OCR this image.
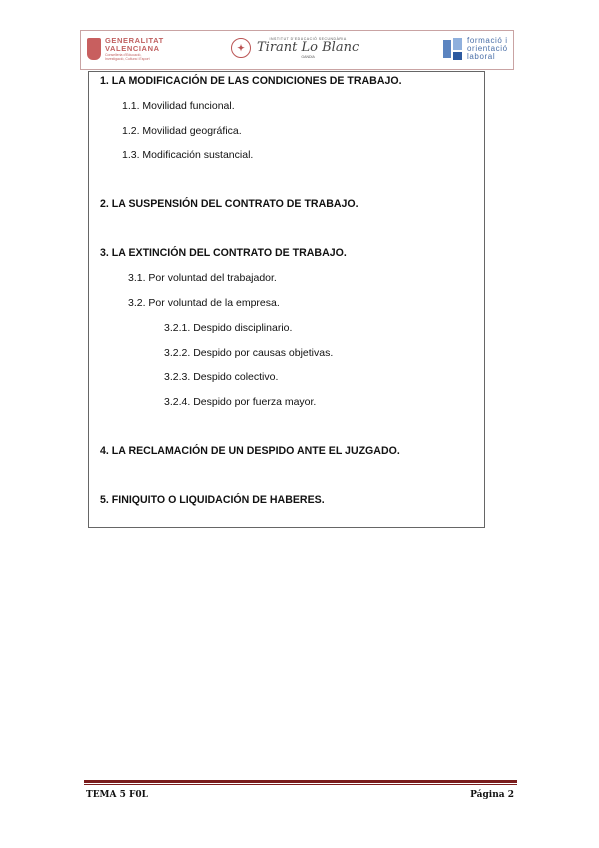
GENERALITAT
VALENCIANA
Conselleria d'Educació,
Investigació, Cultura i Esport
✦
INSTITUT D'EDUCACIÓ SECUNDÀRIA
Tirant Lo Blanc
GANDIA
formació i
orientació
laboral
1. LA MODIFICACIÓN DE LAS CONDICIONES DE TRABAJO.
1.1. Movilidad funcional.
1.2. Movilidad geográfica.
1.3. Modificación sustancial.
2. LA SUSPENSIÓN DEL CONTRATO DE TRABAJO.
3. LA EXTINCIÓN DEL CONTRATO DE TRABAJO.
3.1. Por voluntad del trabajador.
3.2. Por voluntad de la empresa.
3.2.1. Despido disciplinario.
3.2.2. Despido por causas objetivas.
3.2.3. Despido colectivo.
3.2.4. Despido por fuerza mayor.
4. LA RECLAMACIÓN DE UN DESPIDO ANTE EL JUZGADO.
5. FINIQUITO O LIQUIDACIÓN DE HABERES.
TEMA 5 F0L	Página 2
